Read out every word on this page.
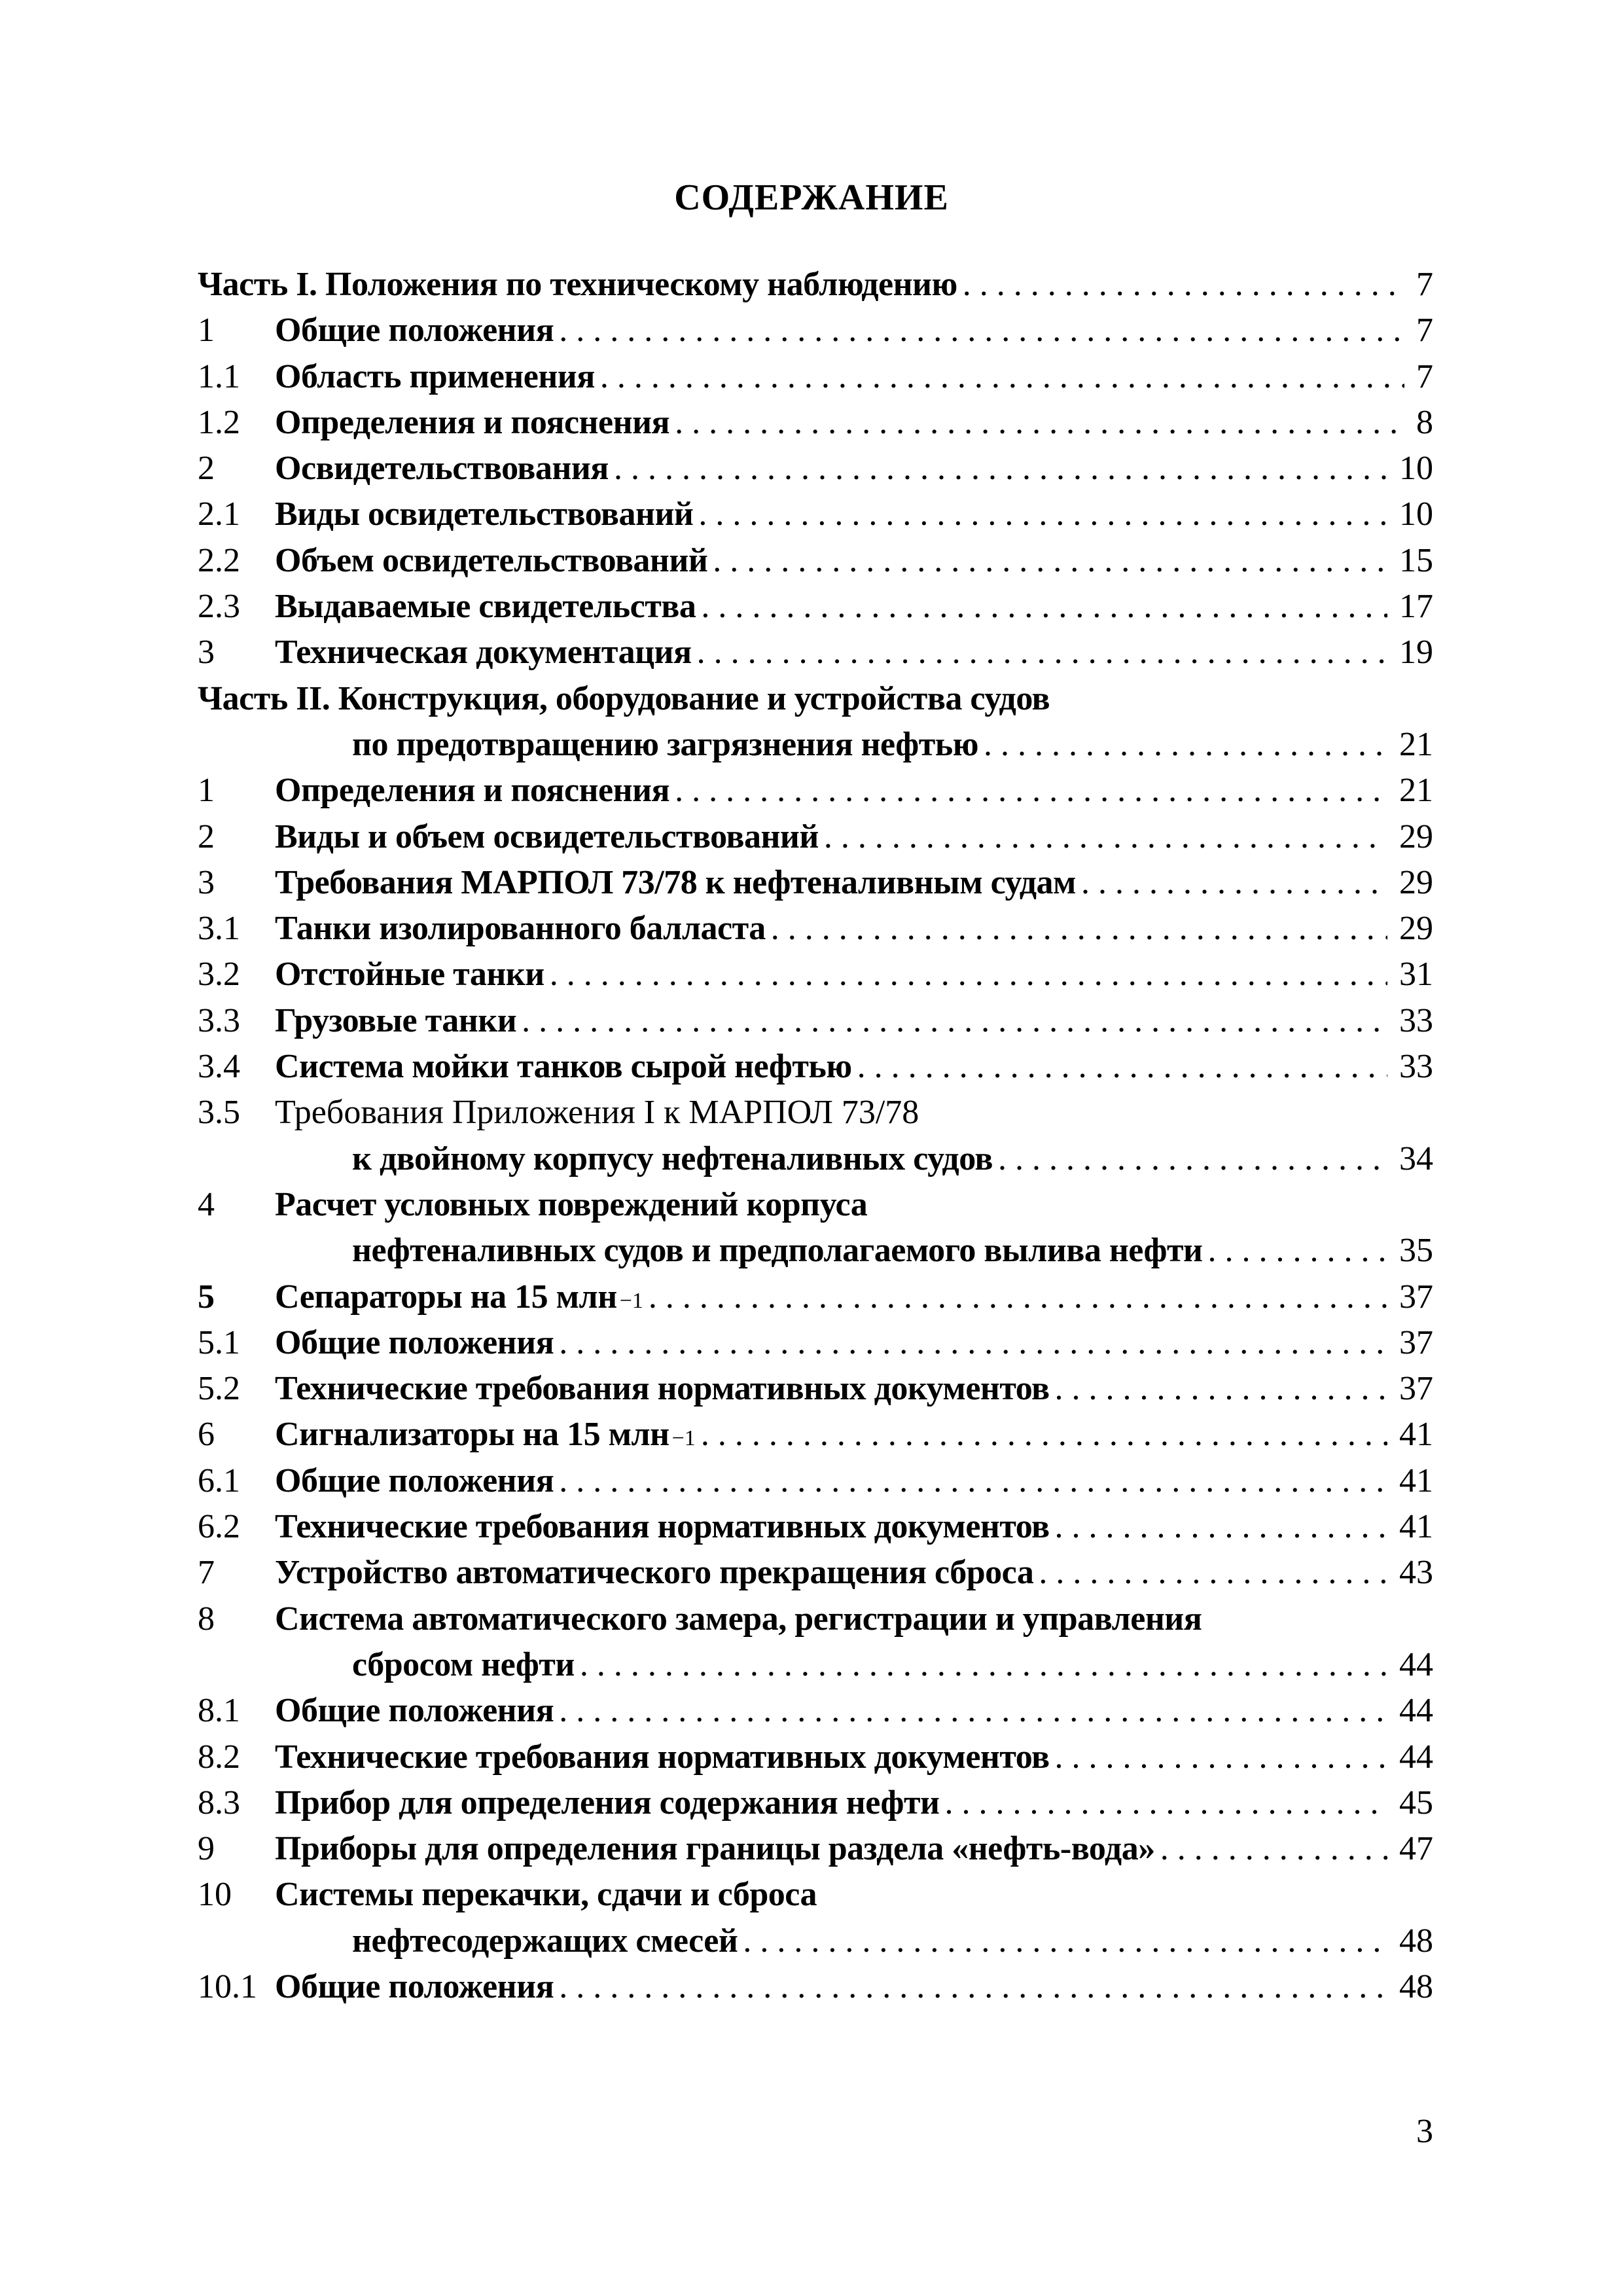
СОДЕРЖАНИЕ
Часть I. Положения по техническому наблюдению . . .	7
1	Общие положения . . .	7
1.1	Область применения . . .	7
1.2	Определения и пояснения . . .	8
2	Освидетельствования . . .	10
2.1	Виды освидетельствований . . .	10
2.2	Объем освидетельствований . . .	15
2.3	Выдаваемые свидетельства . . .	17
3	Техническая документация . . .	19
Часть II. Конструкция, оборудование и устройства судов
по предотвращению загрязнения нефтью . . .	21
1	Определения и пояснения . . .	21
2	Виды и объем освидетельствований . . .	29
3	Требования МАРПОЛ 73/78 к нефтеналивным судам . . .	29
3.1	Танки изолированного балласта . . .	29
3.2	Отстойные танки . . .	31
3.3	Грузовые танки . . .	33
3.4	Система мойки танков сырой нефтью . . .	33
3.5	Требования Приложения I к МАРПОЛ 73/78
к двойному корпусу нефтеналивных судов . . .	34
4	Расчет условных повреждений корпуса
нефтеналивных судов и предполагаемого вылива нефти . . .	35
5	Сепараторы на 15 млн −1 . . .	37
5.1	Общие положения . . .	37
5.2	Технические требования нормативных документов . . .	37
6	Сигнализаторы на 15 млн −1 . . .	41
6.1	Общие положения . . .	41
6.2	Технические требования нормативных документов . . .	41
7	Устройство автоматического прекращения сброса . . .	43
8	Система автоматического замера, регистрации и управления
сбросом нефти . . .	44
8.1	Общие положения . . .	44
8.2	Технические требования нормативных документов . . .	44
8.3	Прибор для определения содержания нефти . . .	45
9	Приборы для определения границы раздела «нефть-вода» . . .	47
10	Системы перекачки, сдачи и сброса
нефтесодержащих смесей . . .	48
10.1 Общие положения . . .	48
3
